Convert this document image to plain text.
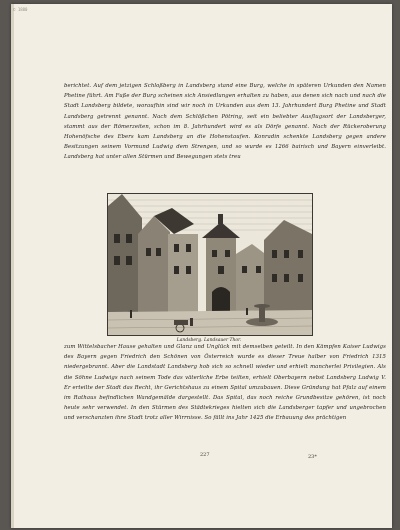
© 1880

berichtet. Auf dem jetzigen Schloßberg in Landsberg stand eine Burg, welche in späteren Urkunden den Namen Phetine führt. Am Fuße der Burg scheinen sich Ansiedlungen erhalten zu haben, aus denen sich nach und nach die Stadt Landsberg bildete, woraufhin sind wir noch in Urkunden aus dem 13. Jahrhundert Burg Phetine und Stadt Landsberg getrennt genannt. Nach dem Schlößchen Pötring, seit ein beliebter Ausflugsort der Landsberger, stammt aus der Römerzeiten, schon im 8. Jahrhundert wird es als Dörfe genannt. Nach der Rückeroberung Hohenöfsche des Ebers kam Landsberg an die Hohenstaufen. Konradin schenkte Landsberg gegen andere Besitzungen seinem Vormund Ludwig dem Strengen, und so wurde es 1266 bairisch und Bayern einverleibt. Landsberg hat unter allen Stürmen und Bewegungen stets treu

Landsberg. Landsauer Thor.

zum Wittelsbacher Hause gehalten und Glanz und Unglück mit demselben geteilt. In den Kämpfen Kaiser Ludwigs des Bayern gegen Friedrich den Schönen von Österreich wurde es dieser Treue halber von Friedrich 1315 niedergebrannt. Aber die Landstadt Landsberg hob sich so schnell wieder und erhielt mancherlei Privilegien. Als die Söhne Ludwigs nach seinem Tode das väterliche Erbe teilten, erhielt Oberbayern nebst Landsberg Ludwig V. Er erteilte der Stadt das Recht, ihr Gerichtshaus zu einem Spital umzubauen. Diese Gründung hat Pfalz auf einem im Rathaus befindlichen Wandgemälde dargestellt. Das Spital, das noch reiche Grundbesitze gehören, ist noch heute sehr verwendet. In den Stürmen des Städtekrieges hielten sich die Landsberger tapfer und ungebrochen und verschanzten ihre Stadt trotz aller Wirrnisse. So fällt ins Jahr 1425 die Erbauung des prächtigen

227	23*
